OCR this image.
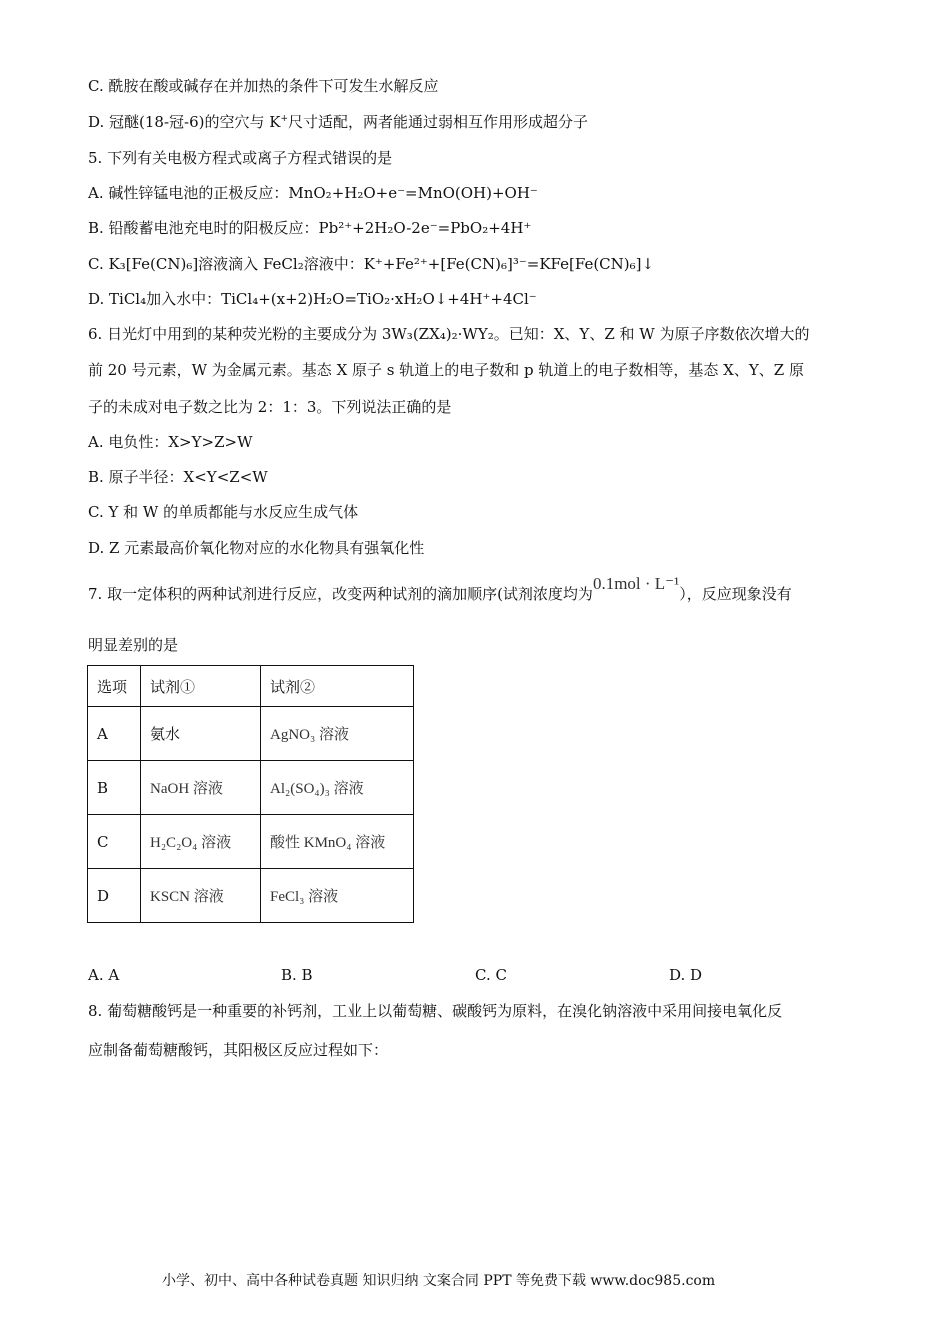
C. 酰胺在酸或碱存在并加热的条件下可发生水解反应
D. 冠醚(18-冠-6)的空穴与 K+尺寸适配，两者能通过弱相互作用形成超分子
5. 下列有关电极方程式或离子方程式错误的是
A. 碱性锌锰电池的正极反应：MnO₂+H₂O+e⁻=MnO(OH)+OH⁻
B. 铅酸蓄电池充电时的阳极反应：Pb²⁺+2H₂O-2e⁻=PbO₂+4H⁺
C. K₃[Fe(CN)₆]溶液滴入 FeCl₂溶液中：K⁺+Fe²⁺+[Fe(CN)₆]³⁻=KFe[Fe(CN)₆]↓
D. TiCl₄加入水中：TiCl₄+(x+2)H₂O=TiO₂·xH₂O↓+4H⁺+4Cl⁻
6. 日光灯中用到的某种荧光粉的主要成分为 3W₃(ZX₄)₂·WY₂。已知：X、Y、Z 和 W 为原子序数依次增大的
前 20 号元素，W 为金属元素。基态 X 原子 s 轨道上的电子数和 p 轨道上的电子数相等，基态 X、Y、Z 原
子的未成对电子数之比为 2：1：3。下列说法正确的是
A. 电负性：X>Y>Z>W
B. 原子半径：X<Y<Z<W
C. Y 和 W 的单质都能与水反应生成气体
D. Z 元素最高价氧化物对应的水化物具有强氧化性
7. 取一定体积的两种试剂进行反应，改变两种试剂的滴加顺序(试剂浓度均为0.1mol · L⁻¹），反应现象没有
明显差别的是
选项	试剂①	试剂②
A	氨水	AgNO₃ 溶液
B	NaOH 溶液	Al₂(SO₄)₃ 溶液
C	H₂C₂O₄ 溶液	酸性 KMnO₄ 溶液
D	KSCN 溶液	FeCl₃ 溶液
A. A	B. B	C. C	D. D
8. 葡萄糖酸钙是一种重要的补钙剂，工业上以葡萄糖、碳酸钙为原料，在溴化钠溶液中采用间接电氧化反
应制备葡萄糖酸钙，其阳极区反应过程如下：
小学、初中、高中各种试卷真题 知识归纳 文案合同 PPT 等免费下载 www.doc985.com
